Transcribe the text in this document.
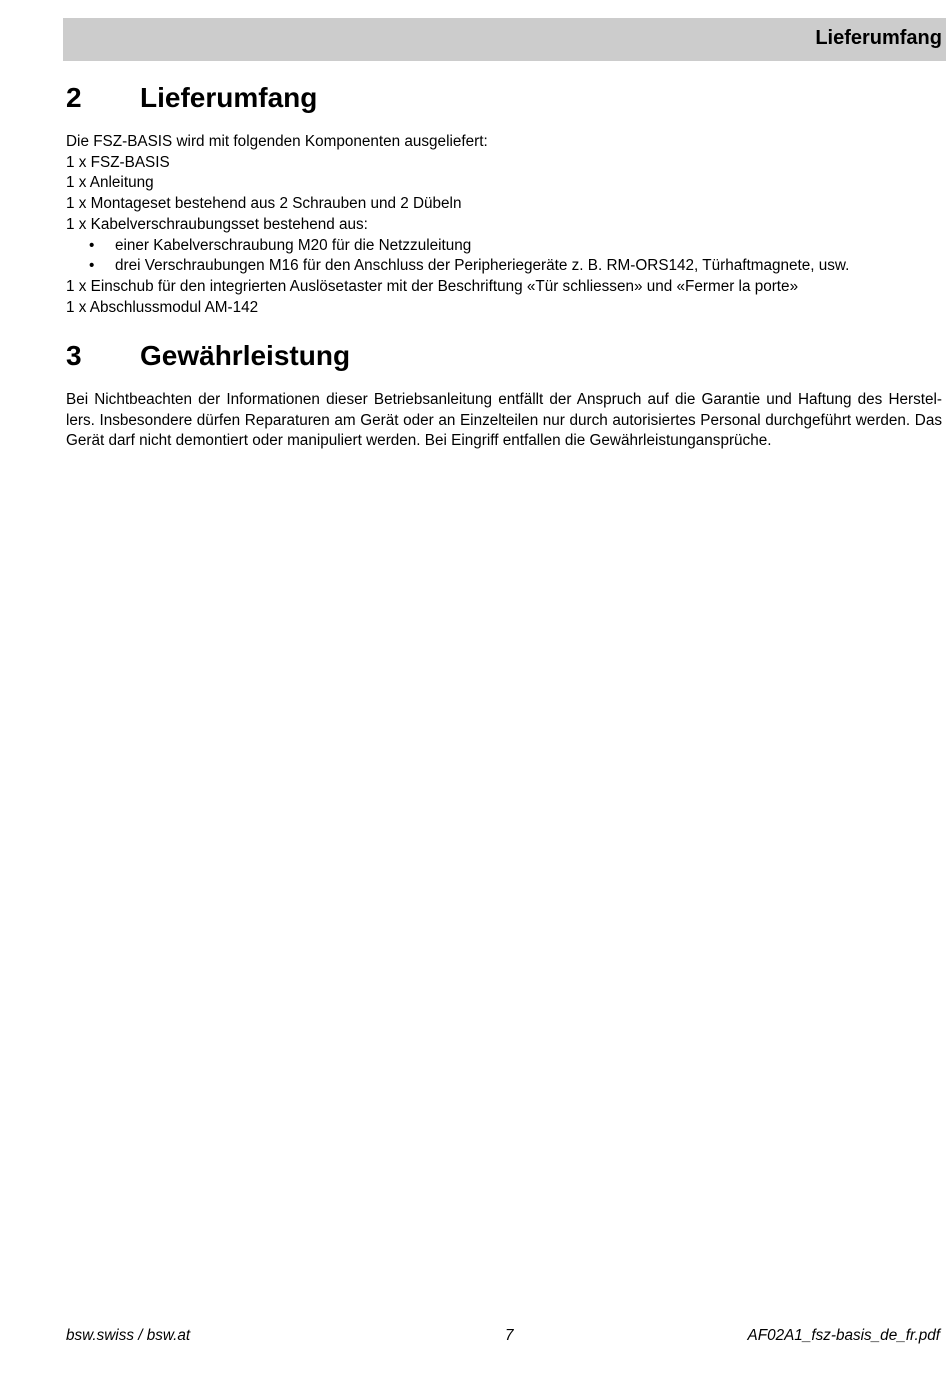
Lieferumfang
2 Lieferumfang
Die FSZ-BASIS wird mit folgenden Komponenten ausgeliefert:
1 x FSZ-BASIS
1 x Anleitung
1 x Montageset bestehend aus 2 Schrauben und 2 Dübeln
1 x Kabelverschraubungsset bestehend aus:
• einer Kabelverschraubung M20 für die Netzzuleitung
• drei Verschraubungen M16 für den Anschluss der Peripheriegeräte z. B. RM-ORS142, Türhaftmagnete, usw.
1 x Einschub für den integrierten Auslösetaster mit der Beschriftung «Tür schliessen» und «Fermer la porte»
1 x Abschlussmodul AM-142
3 Gewährleistung
Bei Nichtbeachten der Informationen dieser Betriebsanleitung entfällt der Anspruch auf die Garantie und Haftung des Herstel-lers. Insbesondere dürfen Reparaturen am Gerät oder an Einzelteilen nur durch autorisiertes Personal durchgeführt werden. Das Gerät darf nicht demontiert oder manipuliert werden. Bei Eingriff entfallen die Gewährleistungansprüche.
bsw.swiss / bsw.at	7	AF02A1_fsz-basis_de_fr.pdf
